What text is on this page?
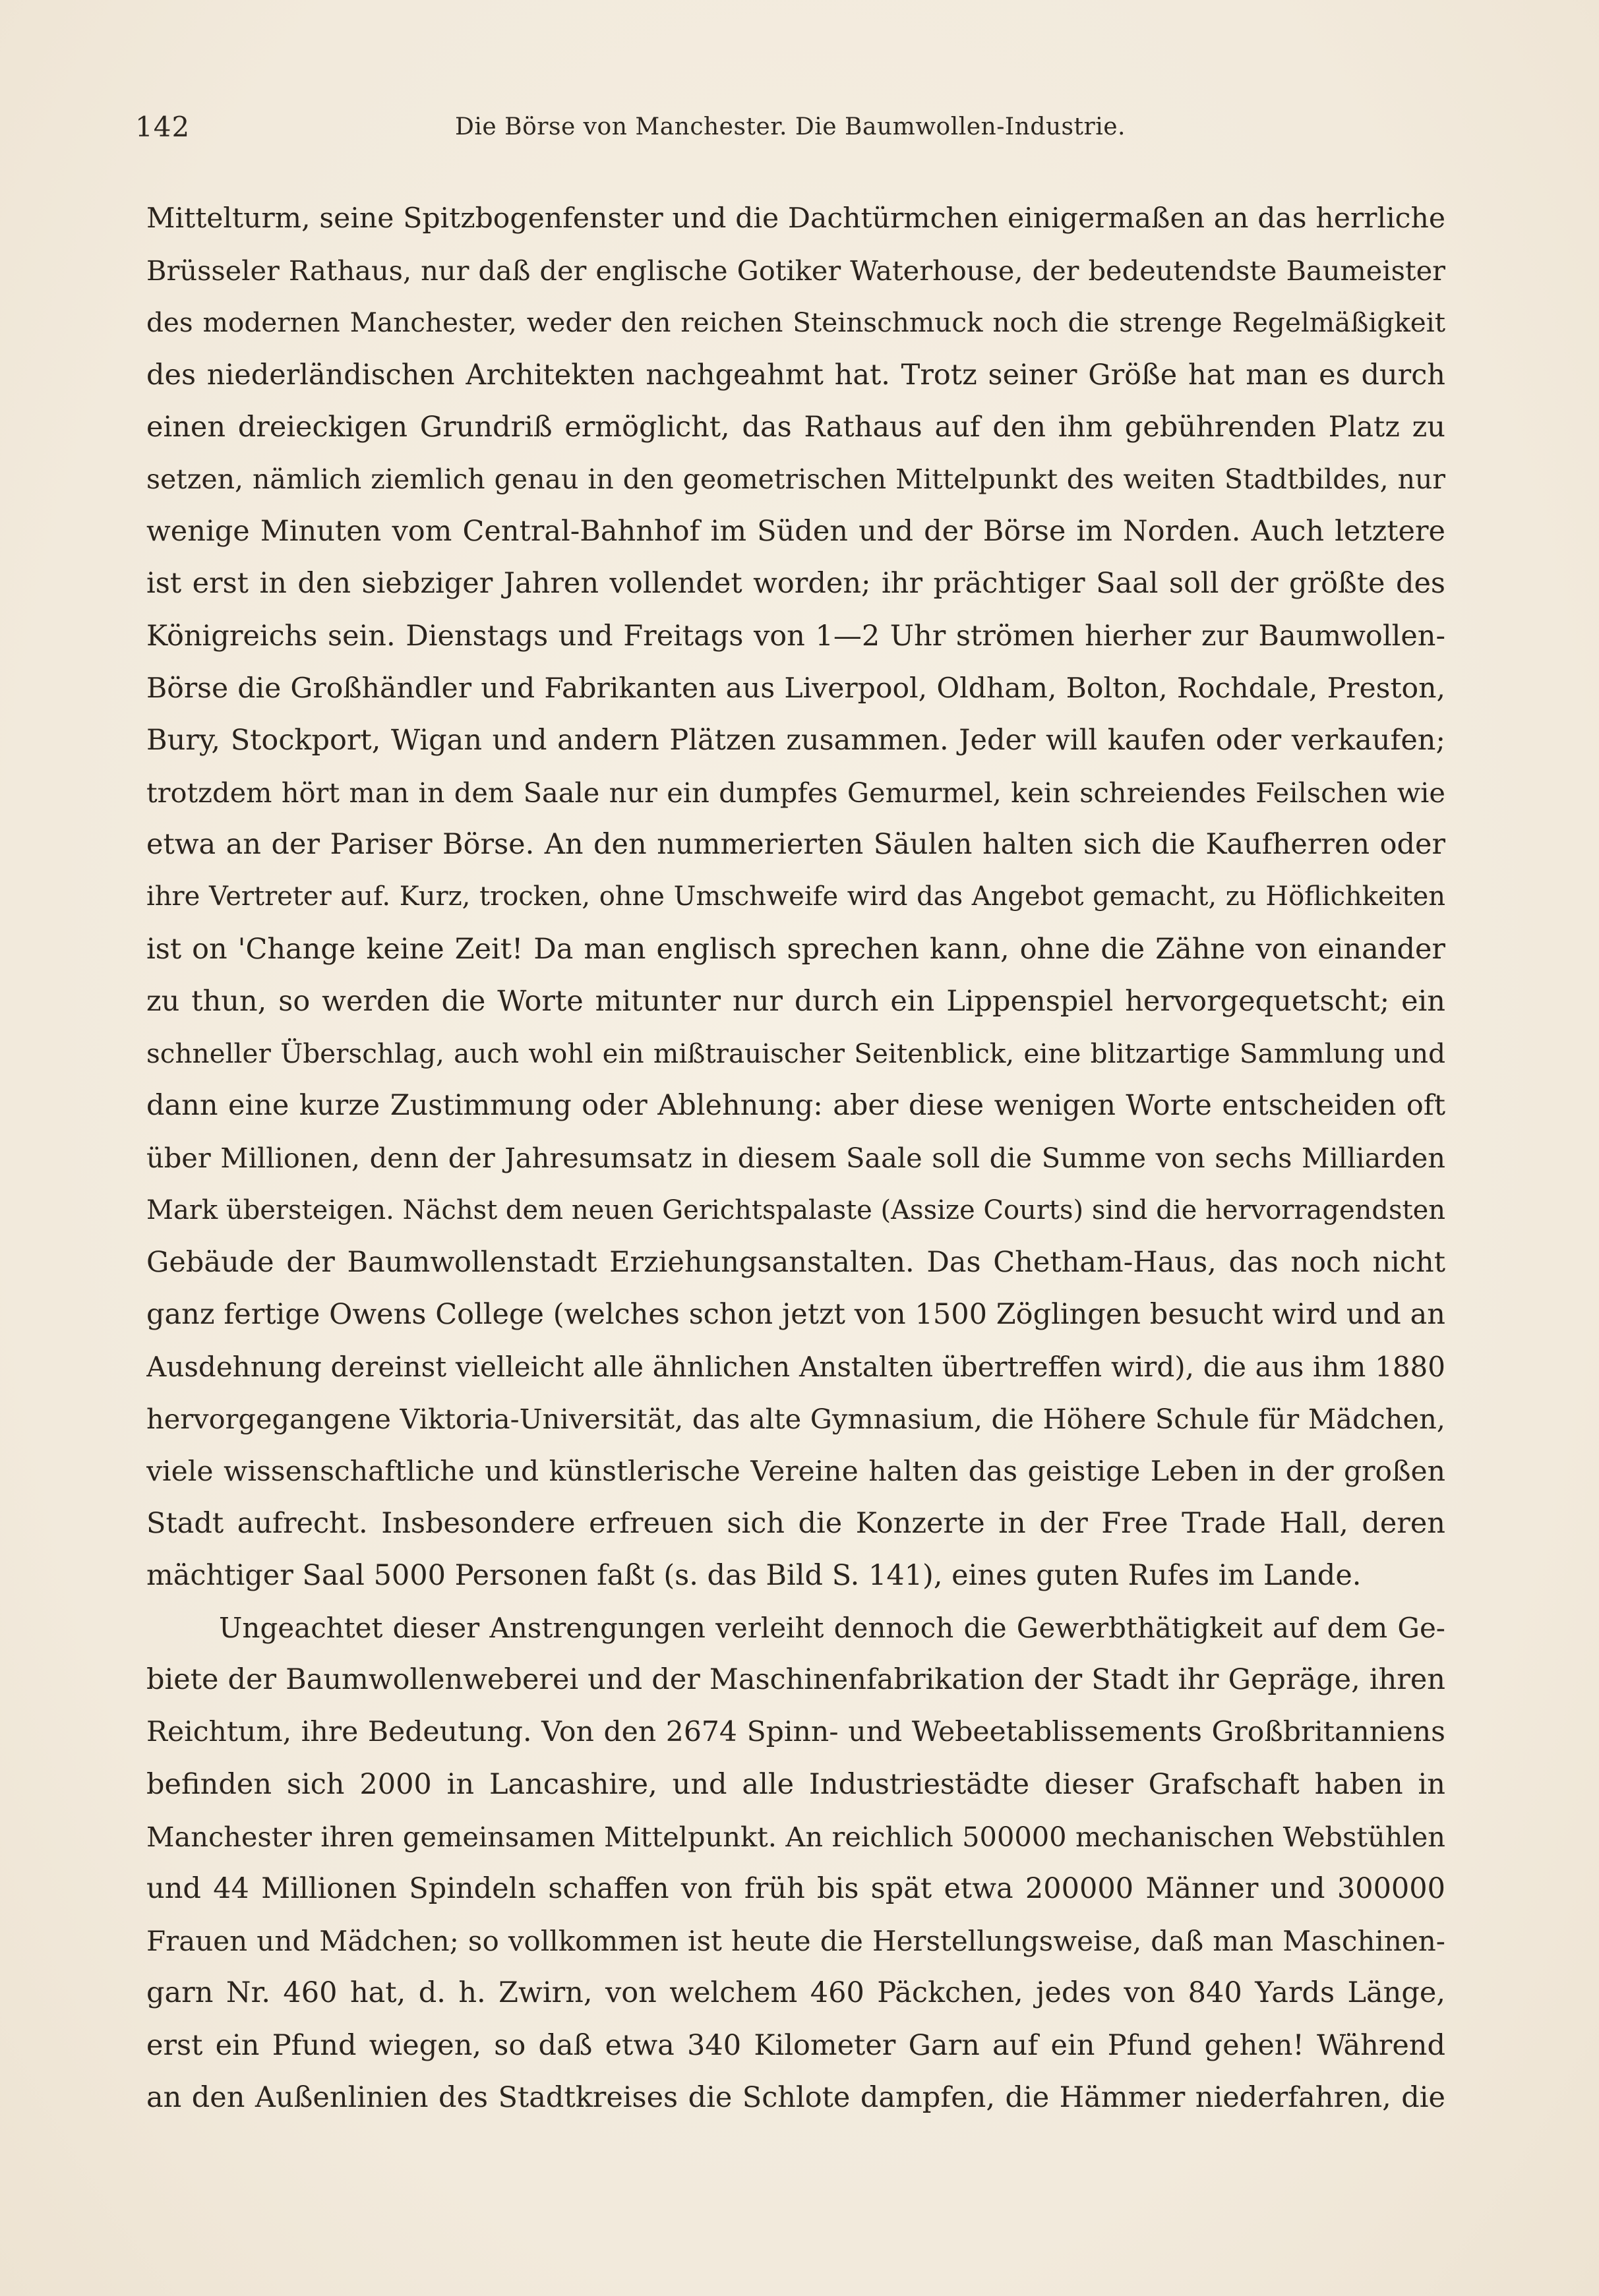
142	Die Börse von Manchester. Die Baumwollen-Industrie.
Mittelturm, seine Spitzbogenfenster und die Dachtürmchen einigermaßen an das herrliche
Brüsseler Rathaus, nur daß der englische Gotiker Waterhouse, der bedeutendste Baumeister
des modernen Manchester, weder den reichen Steinschmuck noch die strenge Regelmäßigkeit
des niederländischen Architekten nachgeahmt hat. Trotz seiner Größe hat man es durch
einen dreieckigen Grundriß ermöglicht, das Rathaus auf den ihm gebührenden Platz zu
setzen, nämlich ziemlich genau in den geometrischen Mittelpunkt des weiten Stadtbildes, nur
wenige Minuten vom Central-Bahnhof im Süden und der Börse im Norden. Auch letztere
ist erst in den siebziger Jahren vollendet worden; ihr prächtiger Saal soll der größte des
Königreichs sein. Dienstags und Freitags von 1—2 Uhr strömen hierher zur Baumwollen-
Börse die Großhändler und Fabrikanten aus Liverpool, Oldham, Bolton, Rochdale, Preston,
Bury, Stockport, Wigan und andern Plätzen zusammen. Jeder will kaufen oder verkaufen;
trotzdem hört man in dem Saale nur ein dumpfes Gemurmel, kein schreiendes Feilschen wie
etwa an der Pariser Börse. An den nummerierten Säulen halten sich die Kaufherren oder
ihre Vertreter auf. Kurz, trocken, ohne Umschweife wird das Angebot gemacht, zu Höflichkeiten
ist on 'Change keine Zeit! Da man englisch sprechen kann, ohne die Zähne von einander
zu thun, so werden die Worte mitunter nur durch ein Lippenspiel hervorgequetscht; ein
schneller Überschlag, auch wohl ein mißtrauischer Seitenblick, eine blitzartige Sammlung und
dann eine kurze Zustimmung oder Ablehnung: aber diese wenigen Worte entscheiden oft
über Millionen, denn der Jahresumsatz in diesem Saale soll die Summe von sechs Milliarden
Mark übersteigen. Nächst dem neuen Gerichtspalaste (Assize Courts) sind die hervorragendsten
Gebäude der Baumwollenstadt Erziehungsanstalten. Das Chetham-Haus, das noch nicht
ganz fertige Owens College (welches schon jetzt von 1500 Zöglingen besucht wird und an
Ausdehnung dereinst vielleicht alle ähnlichen Anstalten übertreffen wird), die aus ihm 1880
hervorgegangene Viktoria-Universität, das alte Gymnasium, die Höhere Schule für Mädchen,
viele wissenschaftliche und künstlerische Vereine halten das geistige Leben in der großen
Stadt aufrecht. Insbesondere erfreuen sich die Konzerte in der Free Trade Hall, deren
mächtiger Saal 5000 Personen faßt (s. das Bild S. 141), eines guten Rufes im Lande.
Ungeachtet dieser Anstrengungen verleiht dennoch die Gewerbthätigkeit auf dem Ge-
biete der Baumwollenweberei und der Maschinenfabrikation der Stadt ihr Gepräge, ihren
Reichtum, ihre Bedeutung. Von den 2674 Spinn- und Webeetablissements Großbritanniens
befinden sich 2000 in Lancashire, und alle Industriestädte dieser Grafschaft haben in
Manchester ihren gemeinsamen Mittelpunkt. An reichlich 500000 mechanischen Webstühlen
und 44 Millionen Spindeln schaffen von früh bis spät etwa 200000 Männer und 300000
Frauen und Mädchen; so vollkommen ist heute die Herstellungsweise, daß man Maschinen-
garn Nr. 460 hat, d. h. Zwirn, von welchem 460 Päckchen, jedes von 840 Yards Länge,
erst ein Pfund wiegen, so daß etwa 340 Kilometer Garn auf ein Pfund gehen! Während
an den Außenlinien des Stadtkreises die Schlote dampfen, die Hämmer niederfahren, die
